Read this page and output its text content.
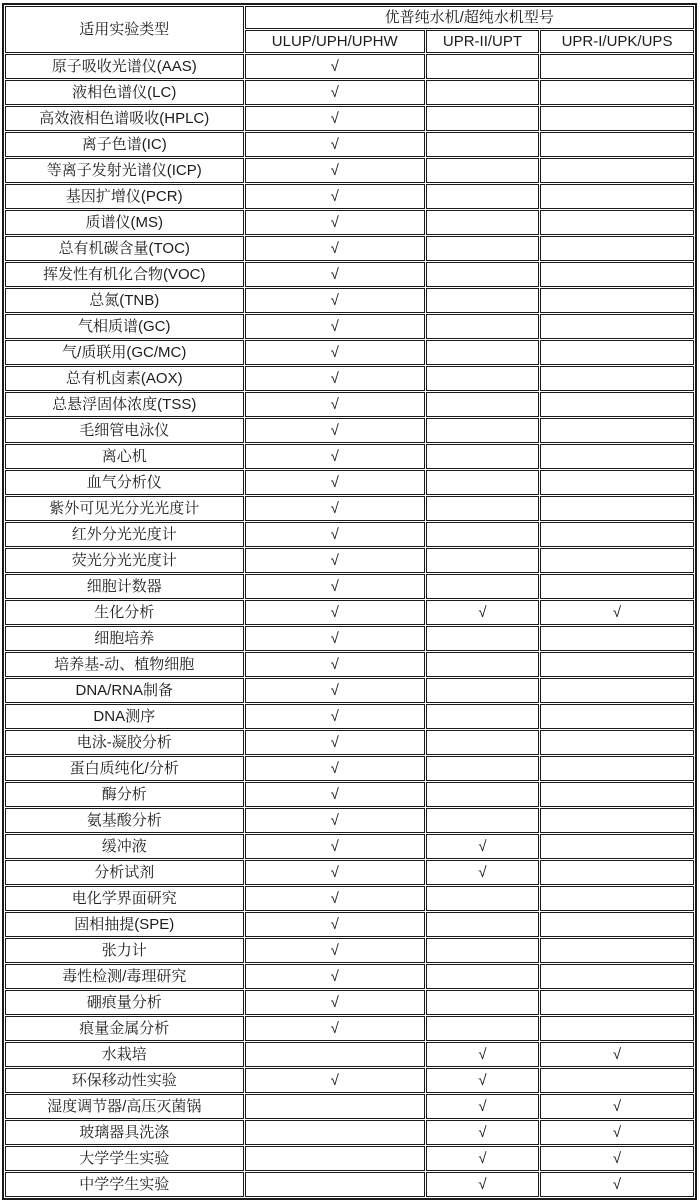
适用实验类型	优普纯水机/超纯水机型号		
	ULUP/UPH/UPHW	UPR-II/UPT	UPR-I/UPK/UPS
原子吸收光谱仪(AAS)	√		
液相色谱仪(LC)	√		
高效液相色谱吸收(HPLC)	√		
离子色谱(IC)	√		
等离子发射光谱仪(ICP)	√		
基因扩增仪(PCR)	√		
质谱仪(MS)	√		
总有机碳含量(TOC)	√		
挥发性有机化合物(VOC)	√		
总氮(TNB)	√		
气相质谱(GC)	√		
气/质联用(GC/MC)	√		
总有机卤素(AOX)	√		
总悬浮固体浓度(TSS)	√		
毛细管电泳仪	√		
离心机	√		
血气分析仪	√		
紫外可见光分光光度计	√		
红外分光光度计	√		
荧光分光光度计	√		
细胞计数器	√		
生化分析	√	√	√
细胞培养	√		
培养基-动、植物细胞	√		
DNA/RNA制备	√		
DNA测序	√		
电泳-凝胶分析	√		
蛋白质纯化/分析	√		
酶分析	√		
氨基酸分析	√		
缓冲液	√	√	
分析试剂	√	√	
电化学界面研究	√		
固相抽提(SPE)	√		
张力计	√		
毒性检测/毒理研究	√		
硼痕量分析	√		
痕量金属分析	√		
水栽培		√	√
环保移动性实验	√	√	
湿度调节器/高压灭菌锅		√	√
玻璃器具洗涤		√	√
大学学生实验		√	√
中学学生实验		√	√
